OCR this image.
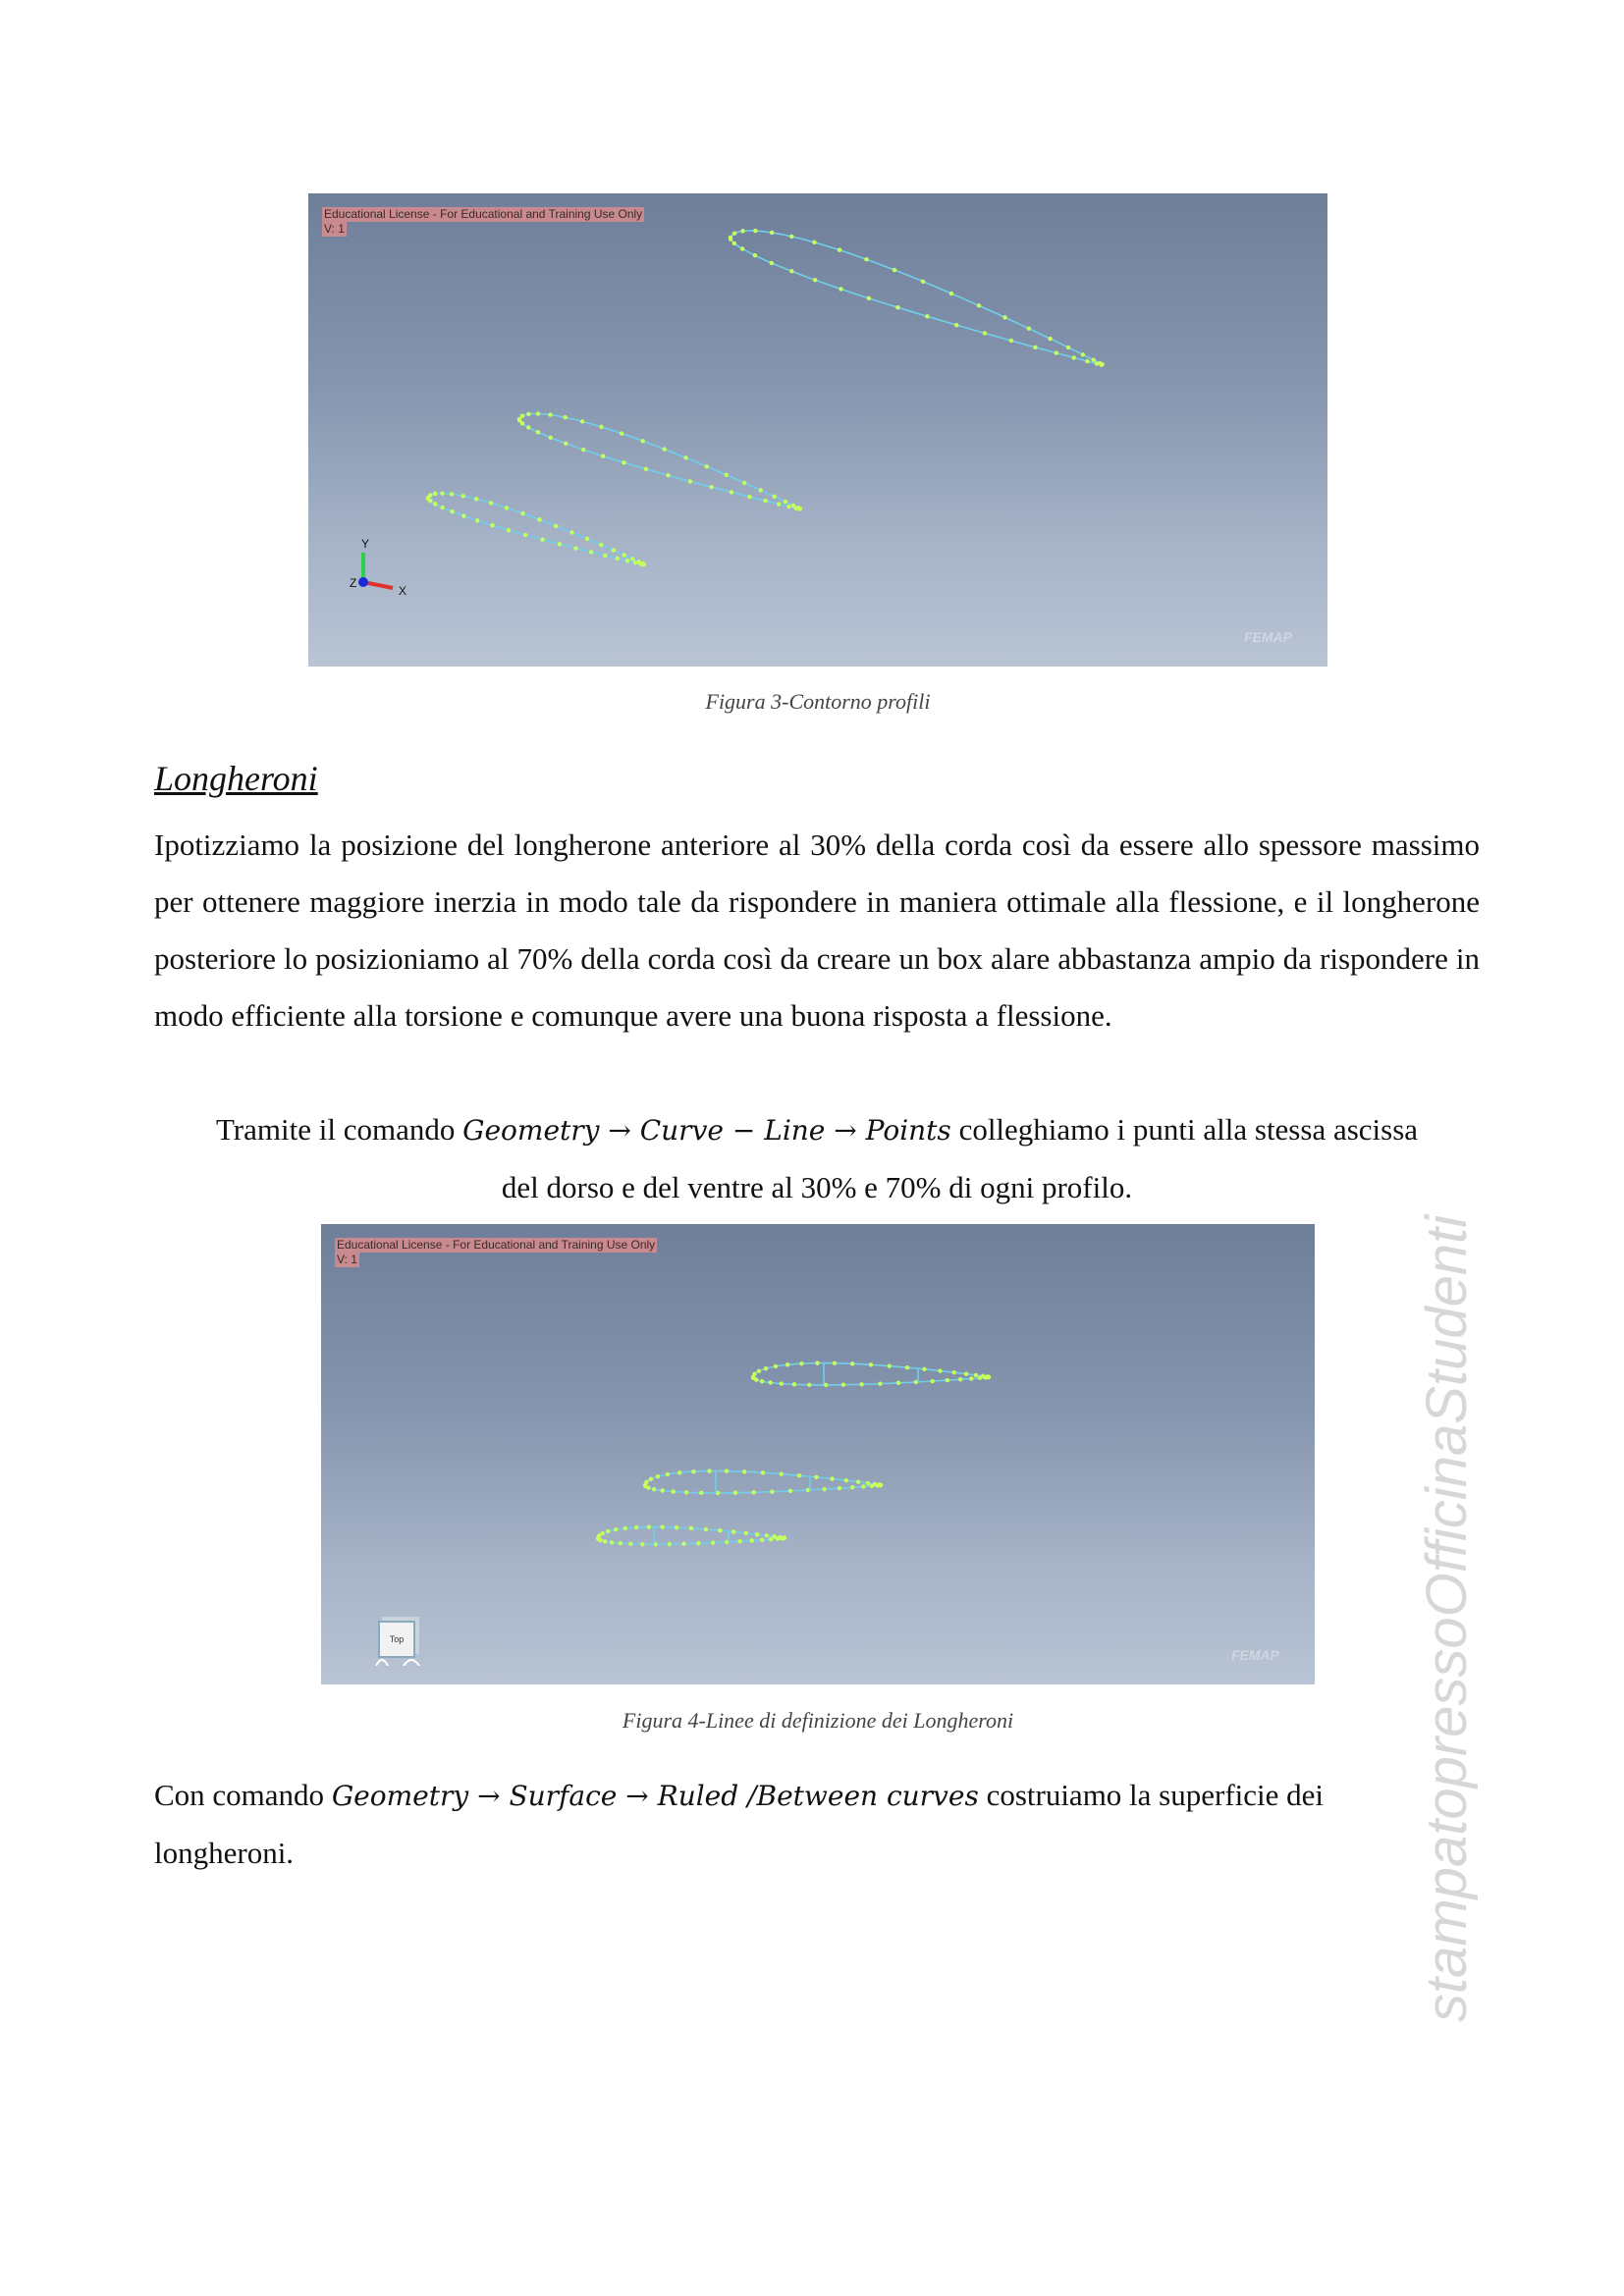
Educational License - For Educational and Training Use Only
V: 1
Y
X
Z
FEMAP
Figura 3-Contorno profili
Longheroni

Ipotizziamo la posizione del longherone anteriore al 30% della corda così da essere allo spessore massimo per ottenere maggiore inerzia in modo tale da rispondere in maniera ottimale alla flessione, e il longherone posteriore lo posizioniamo al 70% della corda così da creare un box alare abbastanza ampio da rispondere in modo efficiente alla torsione e comunque avere una buona risposta a flessione.

Tramite il comando Geometry → Curve − Line → Points colleghiamo i punti alla stessa ascissa
del dorso e del ventre al 30% e 70% di ogni profilo.
Educational License - For Educational and Training Use Only
V: 1
Top
FEMAP
Figura 4-Linee di definizione dei Longheroni
Con comando Geometry → Surface → Ruled /Between curves costruiamo la superficie dei
longheroni.	stampatopressoOfficinaStudenti
